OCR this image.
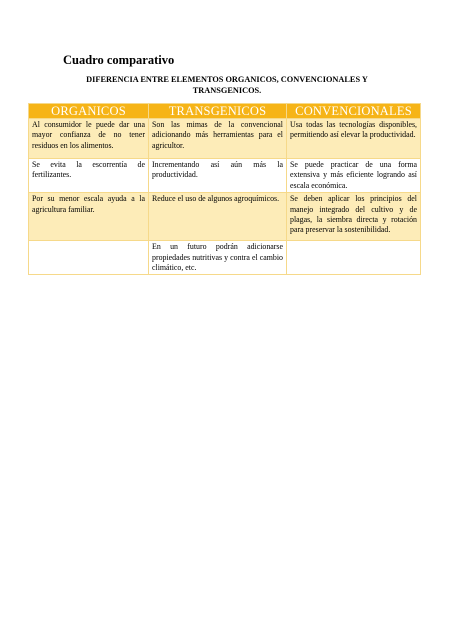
Cuadro comparativo
DIFERENCIA ENTRE ELEMENTOS ORGANICOS, CONVENCIONALES Y TRANSGENICOS.
ORGANICOS	TRANSGENICOS	CONVENCIONALES
Al consumidor le puede dar una mayor confianza de no tener residuos en los alimentos.	Son las mimas de la convencional adicionando más herramientas para el agricultor.	Usa todas las tecnologías disponibles, permitiendo así elevar la productividad.
Se evita la escorrentía de fertilizantes.	Incrementando así aún más la productividad.	Se puede practicar de una forma extensiva y más eficiente logrando así escala económica.
Por su menor escala ayuda a la agricultura familiar.	Reduce el uso de algunos agroquímicos.	Se deben aplicar los principios del manejo integrado del cultivo y de plagas, la siembra directa y rotación para preservar la sostenibilidad.
	En un futuro podrán adicionarse propiedades nutritivas y contra el cambio climático, etc.	
